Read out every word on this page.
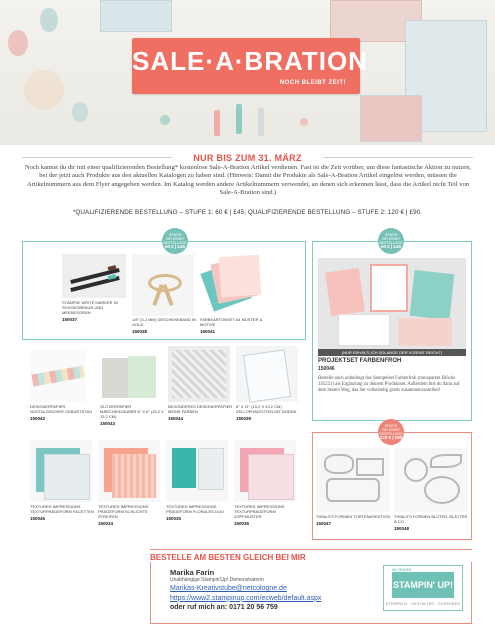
SALE·A·BRATION
NOCH BLEIBT ZEIT!
NUR BIS ZUM 31. MÄRZ
Noch kannst du dir mit einer qualifizierenden Bestellung* kostenlose Sale-A-Bration Artikel verdienen. Fast ist die Zeit vorüber, um diese fantastische Aktion zu nutzen, bei der jetzt auch Produkte aus den aktuellen Katalogen zu haben sind. (Hinweis: Damit die Produkte als Sale-A-Bration Artikel eingelöst werden, müssen die Artikelnummern aus dem Flyer angegeben werden. Im Katalog werden andere Artikelnummern verwendet, an denen sich erkennen lässt, dass die Artikel nicht Teil von Sale-A-Bration sind.)
*QUALIFIZIERENDE BESTELLUNG – STUFE 1: 60 € | £45; QUALIFIZIERENDE BESTELLUNG – STUFE 2: 120 € | £90.
GRATIS
BEI EINER BESTELLUNG
60 € | £45
STAMPIN' WRITE MARKER IN SCHOKOBRAUN UND MEERESGRÜN
150037	1/8" (3,2 MM) GESCHENKBAND IN GOLD
150038
FARBKARTONSET A4 MUSTER & MOTIVE
150041
GRATIS
BEI EINER BESTELLUNG
60 € | £45
(NUR ERHÄLTLICH SOLANGE DER VORRAT REICHT)
PROJEKTSET FARBENFROH
150046
Bestelle auch unbedingt das Stempelset Farbenfroh (transparent Blöcke 145221) als Ergänzung zu deinem Produktset. Außerdem bist du dann auf dem besten Weg, das Set vollständig gratis zusammenzustellen!
DESIGNERPAPIER NOSTALGISCHER GEBURTSTAG
150042
GLITZERPAPIER MÄRCHENZAUBER 6" X 6" (15,2 X 15,2 CM)
150043
BESONDERES DESIGNERPAPIER MEINE FARBEN
150044
6" X 11" (15,2 X 43,2 CM) ZELLOPHANTÜTEN MIT BODEN
150039
TEXTURED IMPRESSIONS TEXTURPRÄGEFORM FACETTEN
150045
TEXTURED IMPRESSIONS PRÄGEFORM SCHLICHTE STREIFEN
150034
TEXTURED IMPRESSIONS PRÄGEFORM FLORALES DUO
150035
TEXTURED IMPRESSIONS TEXTURPRÄGEFORM ZOPFMUSTER
150036
GRATIS
BEI EINER BESTELLUNG
120 € | £90
THINLITS FORMEN TORTENKREATION
150047
THINLITS FORMEN BLÜTEN, BLÄTTER & CO.
150048
BESTELLE AM BESTEN GLEICH BEI MIR
Marika Farin
Unabhängige Stampin'Up! Demonstratorin
Marikas-Kreativstube@netcologne.de
https://www2.stampinup.com/ecweb/default.aspx
oder ruf mich an: 0171 20 56 759
30 YEARS
STAMPIN' UP!
STEMPELN · GESTALTEN · SCHENKEN
